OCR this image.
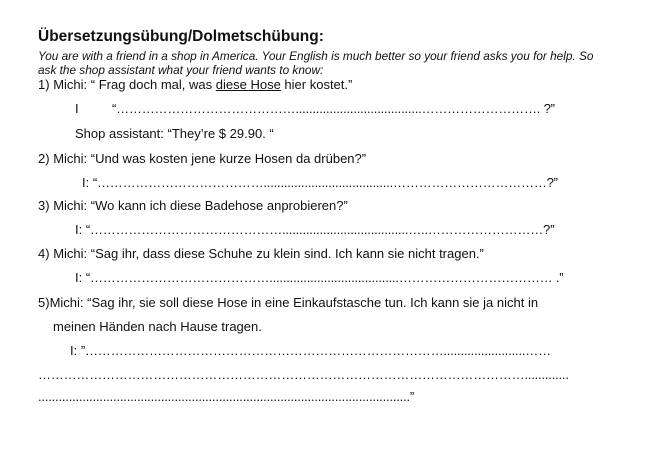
Übersetzungsübung/Dolmetschübung:
You are with a friend in a shop in America. Your English is much better so your friend asks you for help. So
ask the shop assistant what your friend wants to know:
1) Michi: “ Frag doch mal, was diese Hose hier kostet.”
I	“…………………………………….....................................………………………. ?”
Shop assistant: “They’re $ 29.90. “
2) Michi: “Und was kosten jene kurze Hosen da drüben?”
I: “…………………………………......................................………………………………?”
3) Michi: “Wo kann ich diese Badehose anprobieren?”
I: “……………………………………….....................................…..………………………?”
4) Michi: “Sag ihr, dass diese Schuhe zu klein sind. Ich kann sie nicht tragen.”
I: “……………………………………......................................……………………………… .”
5)Michi: “Sag ihr, sie soll diese Hose in eine Einkaufstasche tun. Ich kann sie ja nicht in
meinen Händen nach Hause tragen.
I: ”…………………………………………………………………………........................……
…………………………………………………………………………………………………….............
.............................................................................................................”
